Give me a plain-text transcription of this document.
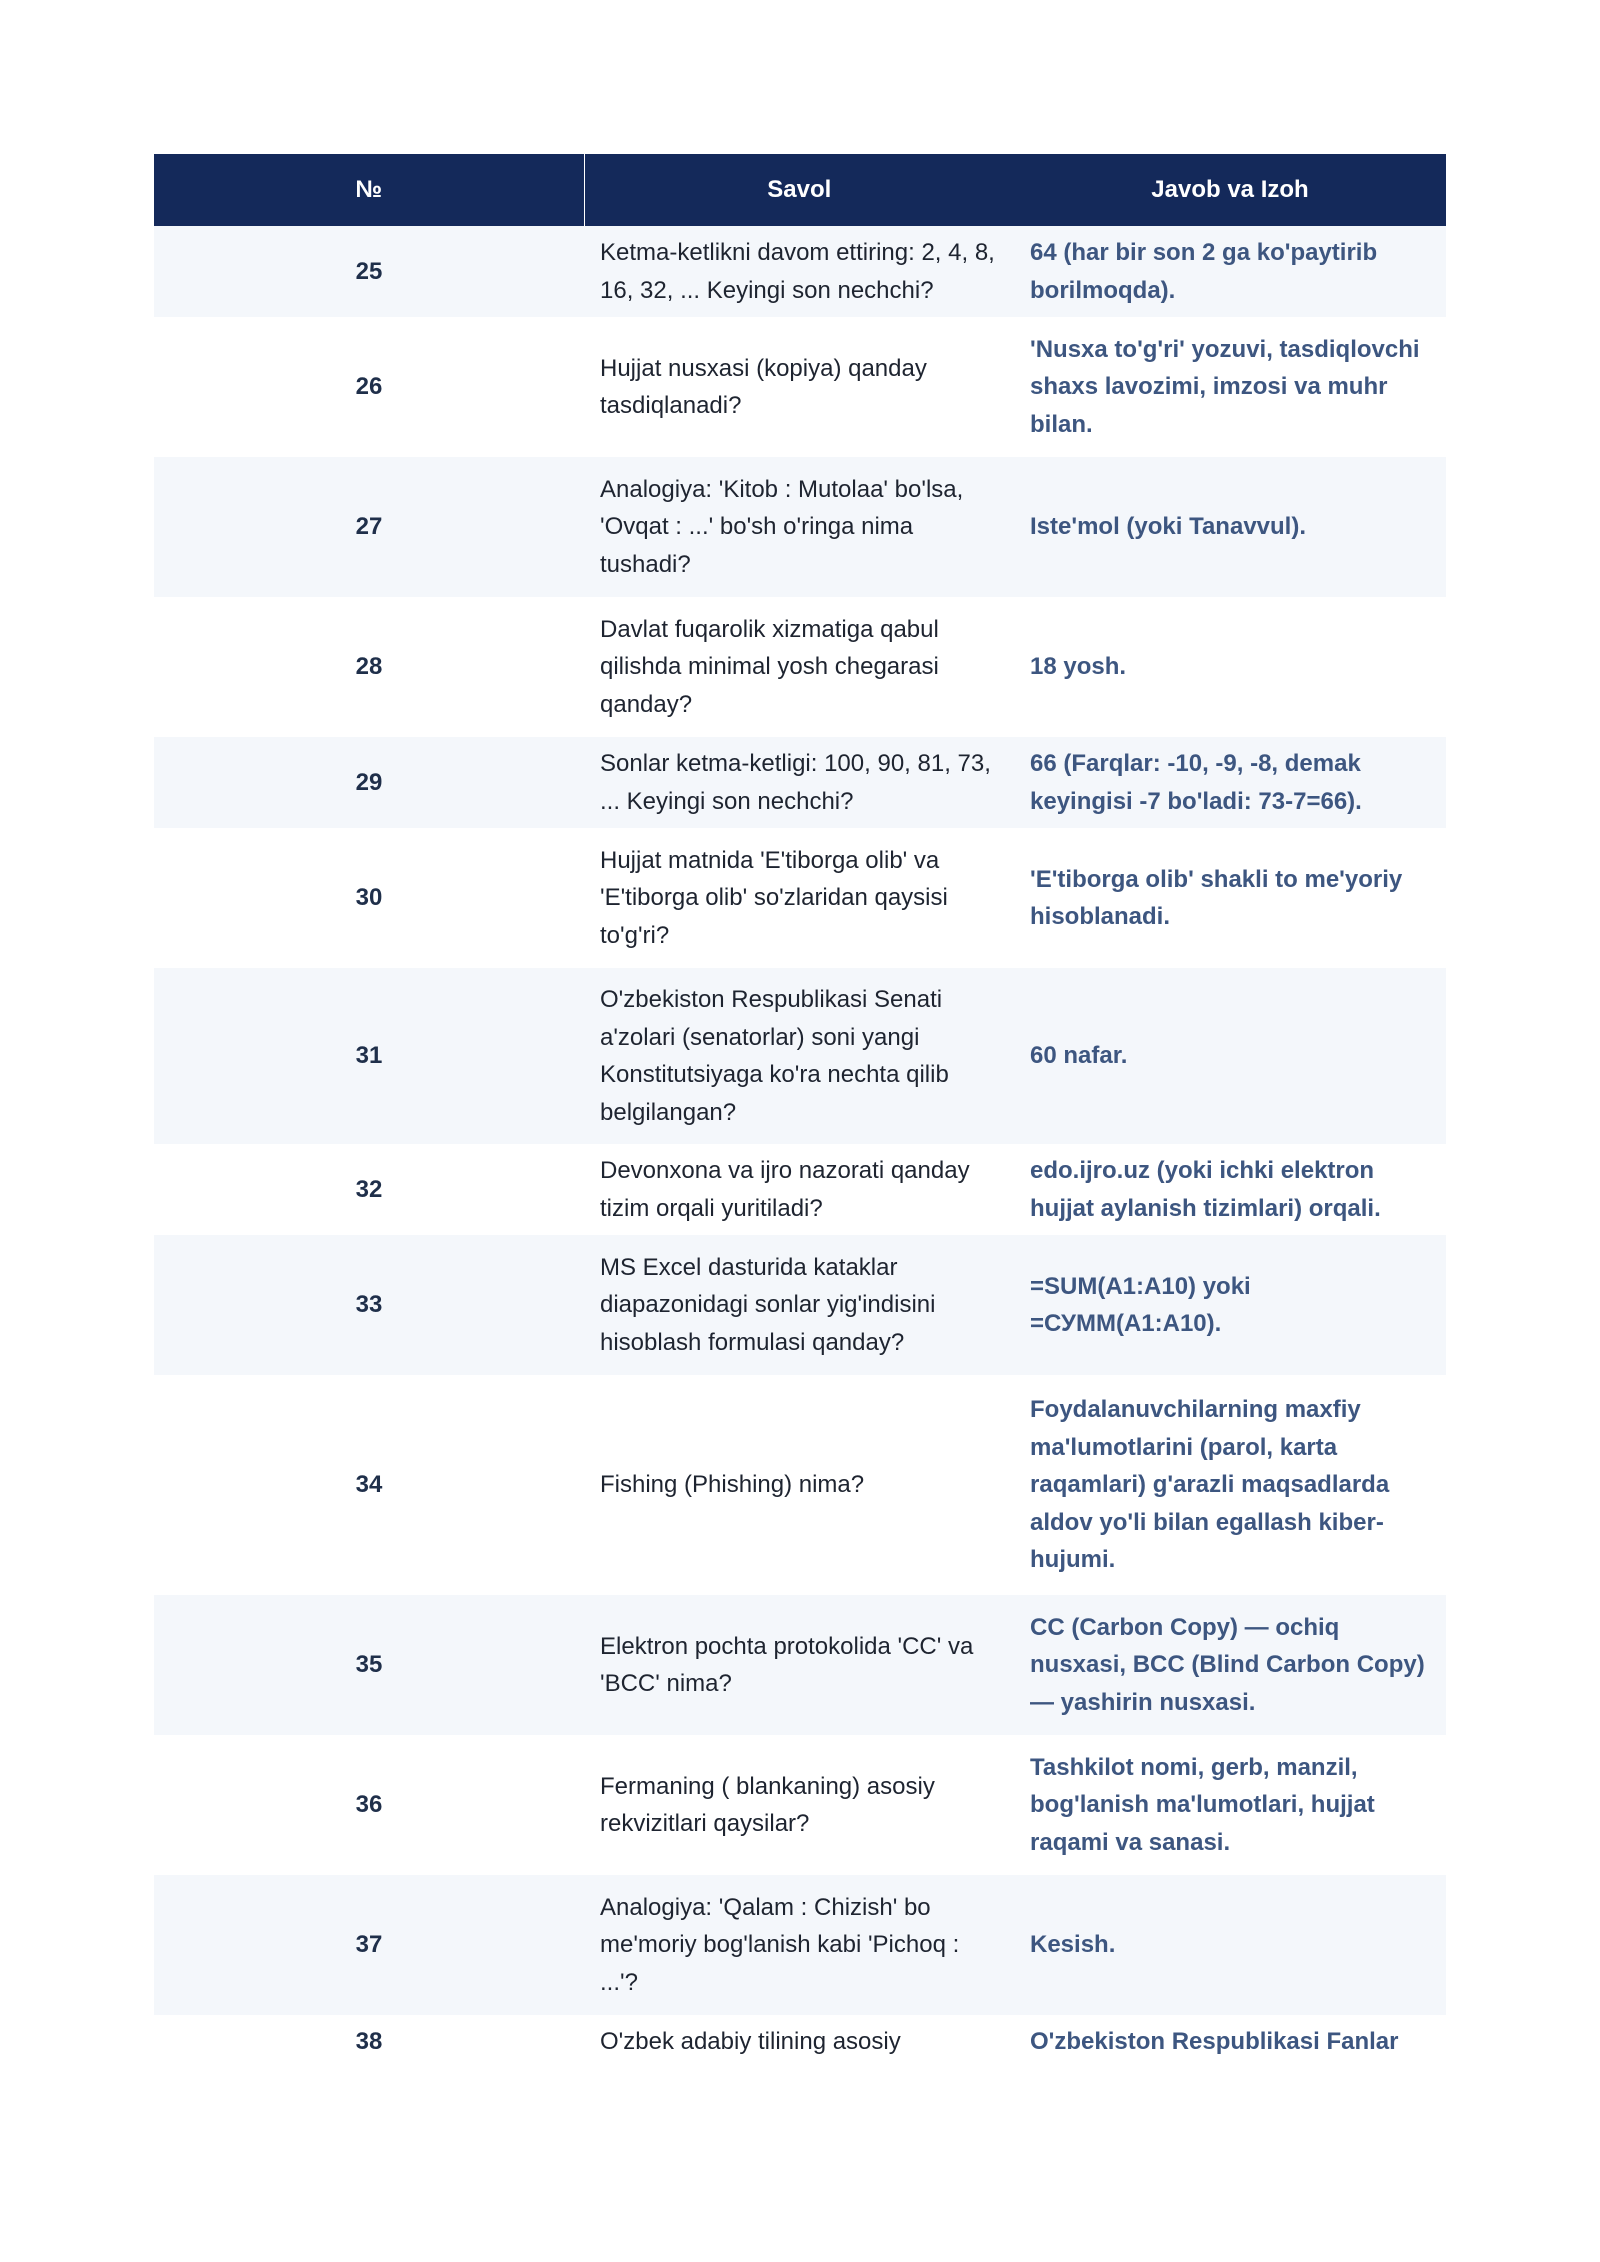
№	Savol	Javob va Izoh
25	Ketma-ketlikni davom ettiring: 2, 4, 8, 16, 32, ... Keyingi son nechchi?	64 (har bir son 2 ga ko'paytirib borilmoqda).
26	Hujjat nusxasi (kopiya) qanday tasdiqlanadi?	'Nusxa to'g'ri' yozuvi, tasdiqlovchi shaxs lavozimi, imzosi va muhr bilan.
27	Analogiya: 'Kitob : Mutolaa' bo'lsa, 'Ovqat : ...' bo'sh o'ringa nima tushadi?	Iste'mol (yoki Tanavvul).
28	Davlat fuqarolik xizmatiga qabul qilishda minimal yosh chegarasi qanday?	18 yosh.
29	Sonlar ketma-ketligi: 100, 90, 81, 73, ... Keyingi son nechchi?	66 (Farqlar: -10, -9, -8, demak keyingisi -7 bo'ladi: 73-7=66).
30	Hujjat matnida 'E'tiborga olib' va 'E'tiborga olib' so'zlaridan qaysisi to'g'ri?	'E'tiborga olib' shakli to me'yoriy hisoblanadi.
31	O'zbekiston Respublikasi Senati a'zolari (senatorlar) soni yangi Konstitutsiyaga ko'ra nechta qilib belgilangan?	60 nafar.
32	Devonxona va ijro nazorati qanday tizim orqali yuritiladi?	edo.ijro.uz (yoki ichki elektron hujjat aylanish tizimlari) orqali.
33	MS Excel dasturida kataklar diapazonidagi sonlar yig'indisini hisoblash formulasi qanday?	=SUM(A1:A10) yoki =СУММ(A1:A10).
34	Fishing (Phishing) nima?	Foydalanuvchilarning maxfiy ma'lumotlarini (parol, karta raqamlari) g'arazli maqsadlarda aldov yo'li bilan egallash kiber-hujumi.
35	Elektron pochta protokolida 'CC' va 'BCC' nima?	CC (Carbon Copy) — ochiq nusxasi, BCC (Blind Carbon Copy) — yashirin nusxasi.
36	Fermaning ( blankaning) asosiy rekvizitlari qaysilar?	Tashkilot nomi, gerb, manzil, bog'lanish ma'lumotlari, hujjat raqami va sanasi.
37	Analogiya: 'Qalam : Chizish' bo me'moriy bog'lanish kabi 'Pichoq : ...'?	Kesish.
38	O'zbek adabiy tilining asosiy	O'zbekiston Respublikasi Fanlar
